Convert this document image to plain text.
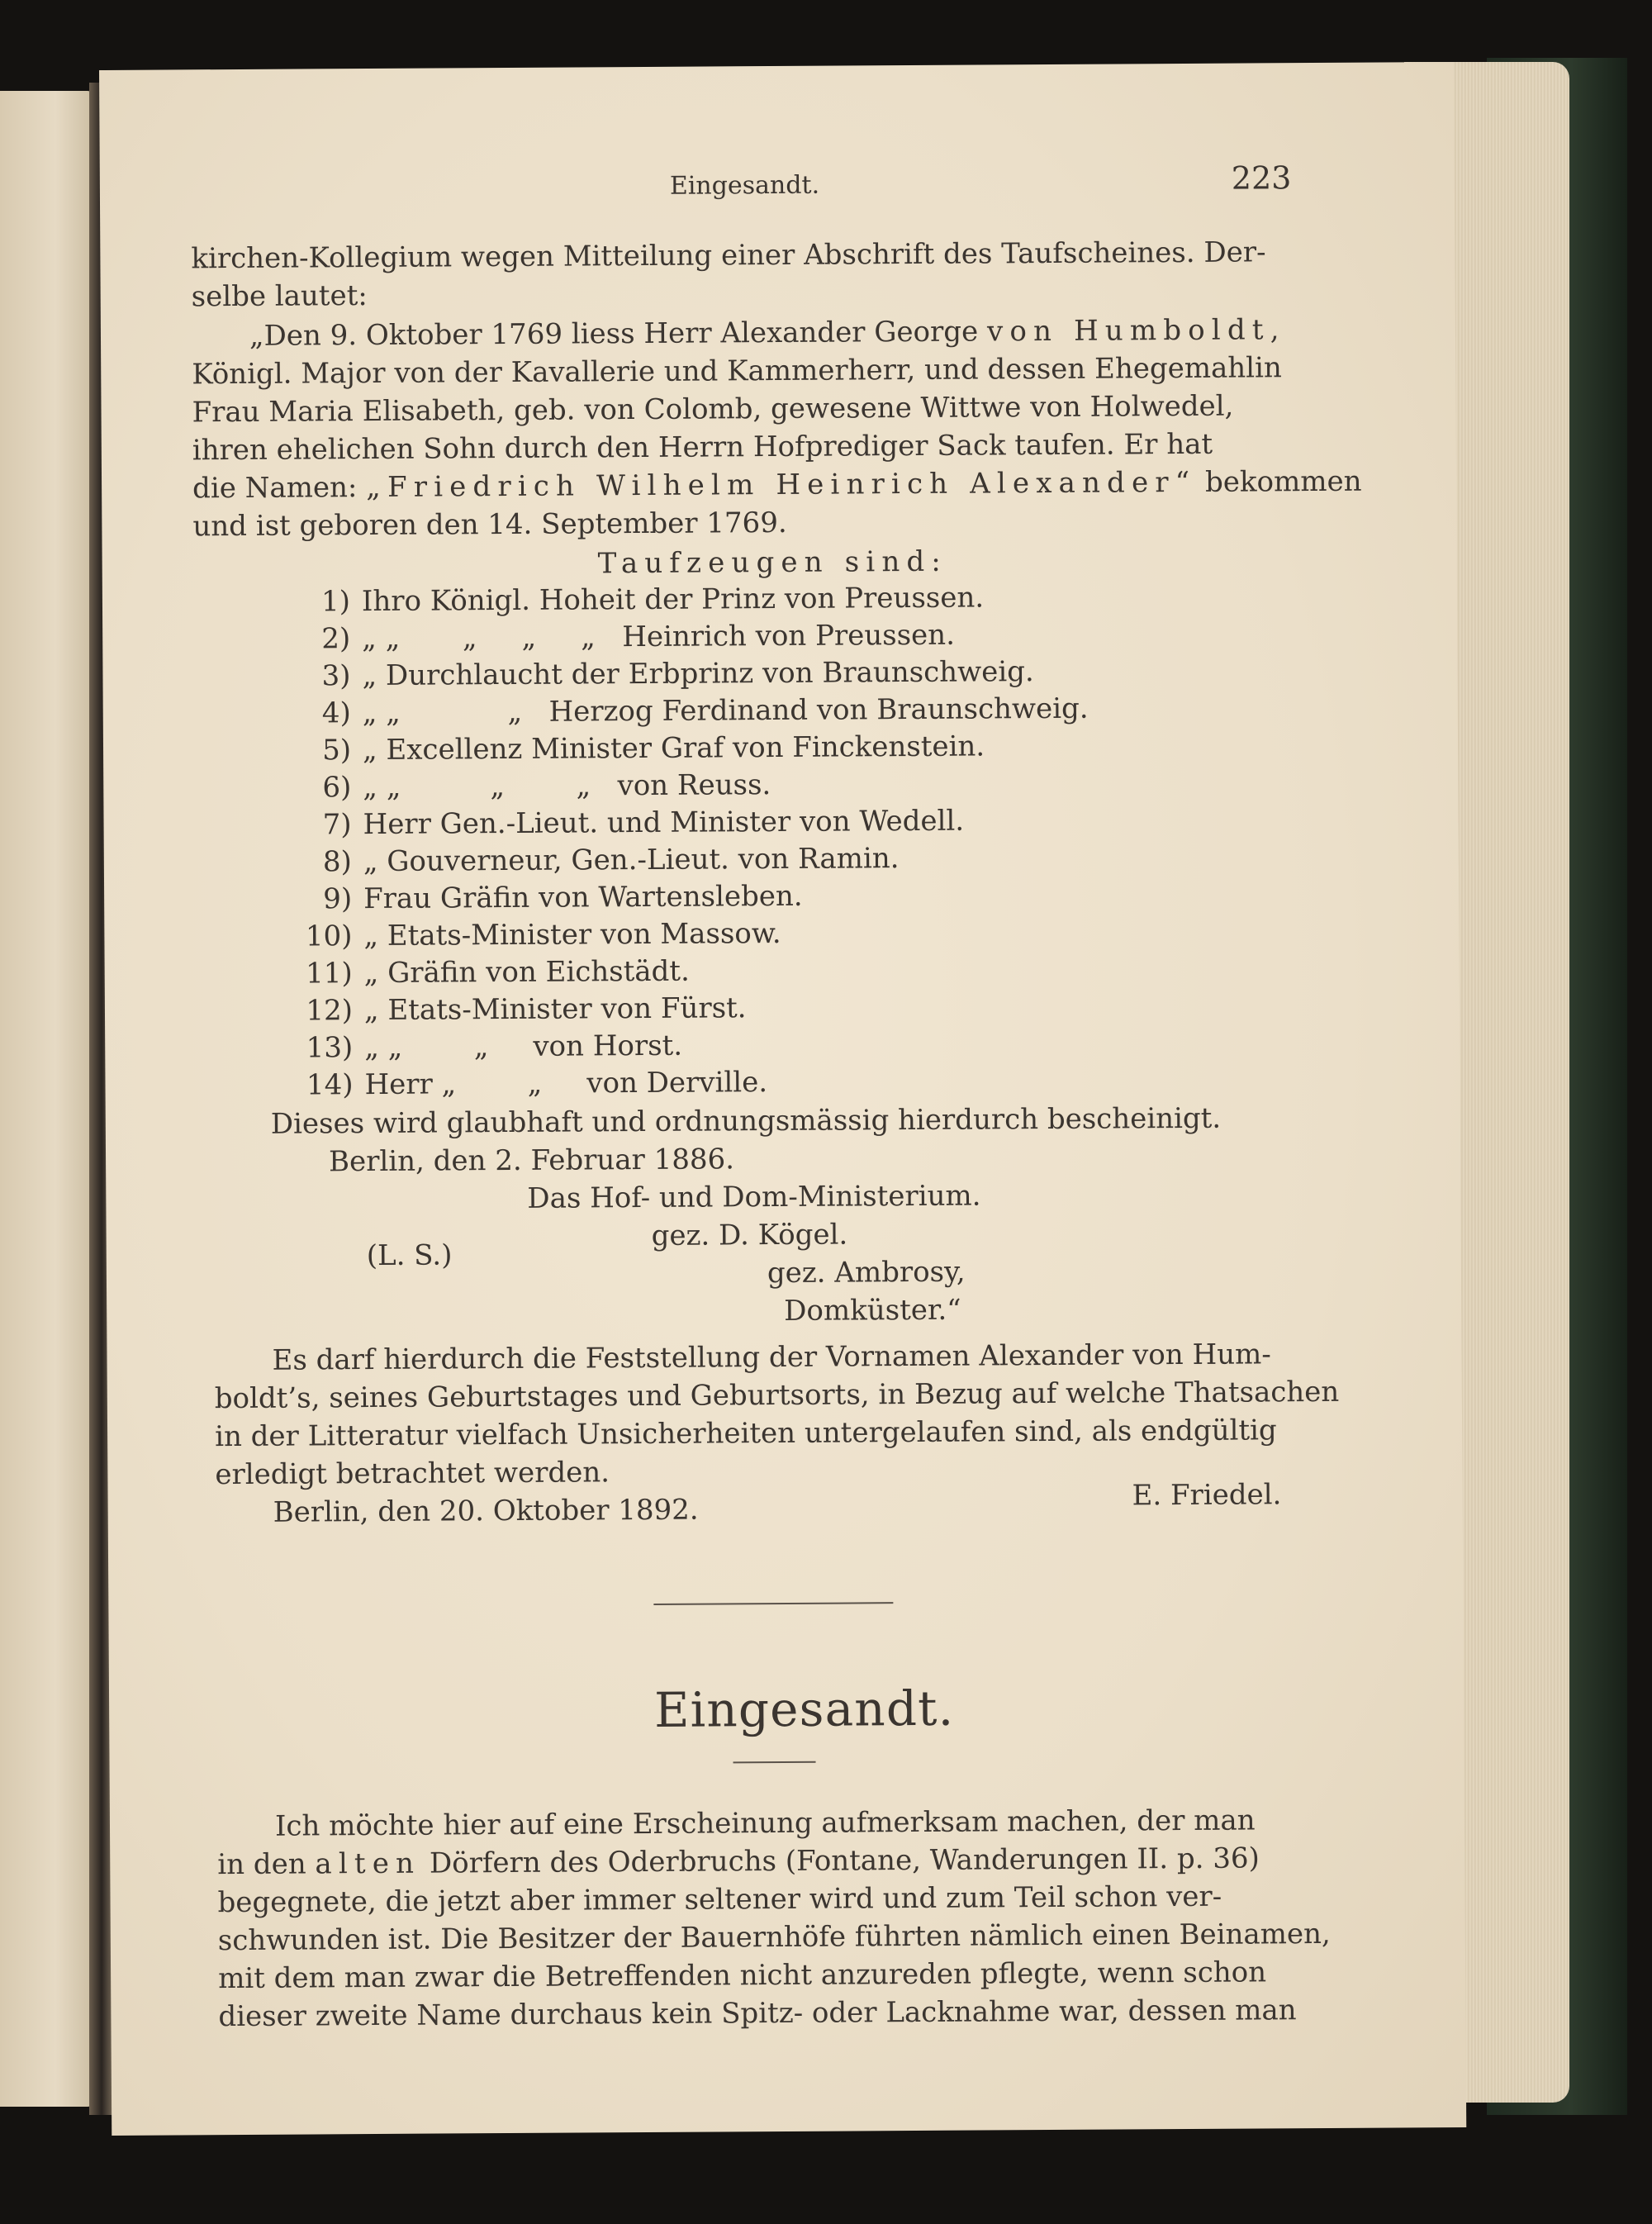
Eingesandt.	223
kirchen-Kollegium wegen Mitteilung einer Abschrift des Taufscheines. Der-
selbe lautet:
„Den 9. Oktober 1769 liess Herr Alexander George von Humboldt,
Königl. Major von der Kavallerie und Kammerherr, und dessen Ehegemahlin
Frau Maria Elisabeth, geb. von Colomb, gewesene Wittwe von Holwedel,
ihren ehelichen Sohn durch den Herrn Hofprediger Sack taufen. Er hat
die Namen: „Friedrich Wilhelm Heinrich Alexander“ bekommen
und ist geboren den 14. September 1769.
Taufzeugen sind:
1) Ihro Königl. Hoheit der Prinz von Preussen.
2) „ „       „     „     „   Heinrich von Preussen.
3) „ Durchlaucht der Erbprinz von Braunschweig.
4) „ „            „   Herzog Ferdinand von Braunschweig.
5) „ Excellenz Minister Graf von Finckenstein.
6) „ „          „        „   von Reuss.
7) Herr Gen.-Lieut. und Minister von Wedell.
8) „ Gouverneur, Gen.-Lieut. von Ramin.
9) Frau Gräfin von Wartensleben.
10) „ Etats-Minister von Massow.
11) „ Gräfin von Eichstädt.
12) „ Etats-Minister von Fürst.
13) „ „        „     von Horst.
14) Herr „        „     von Derville.
Dieses wird glaubhaft und ordnungsmässig hierdurch bescheinigt.
Berlin, den 2. Februar 1886.
Das Hof- und Dom-Ministerium.
gez. D. Kögel.
(L. S.)	gez. Ambrosy,
Domküster.“
Es darf hierdurch die Feststellung der Vornamen Alexander von Hum-
boldt’s, seines Geburtstages und Geburtsorts, in Bezug auf welche Thatsachen
in der Litteratur vielfach Unsicherheiten untergelaufen sind, als endgültig
erledigt betrachtet werden.
Berlin, den 20. Oktober 1892.	E. Friedel.
Eingesandt.
Ich möchte hier auf eine Erscheinung aufmerksam machen, der man
in den alten Dörfern des Oderbruchs (Fontane, Wanderungen II. p. 36)
begegnete, die jetzt aber immer seltener wird und zum Teil schon ver-
schwunden ist. Die Besitzer der Bauernhöfe führten nämlich einen Beinamen,
mit dem man zwar die Betreffenden nicht anzureden pflegte, wenn schon
dieser zweite Name durchaus kein Spitz- oder Lacknahme war, dessen man
